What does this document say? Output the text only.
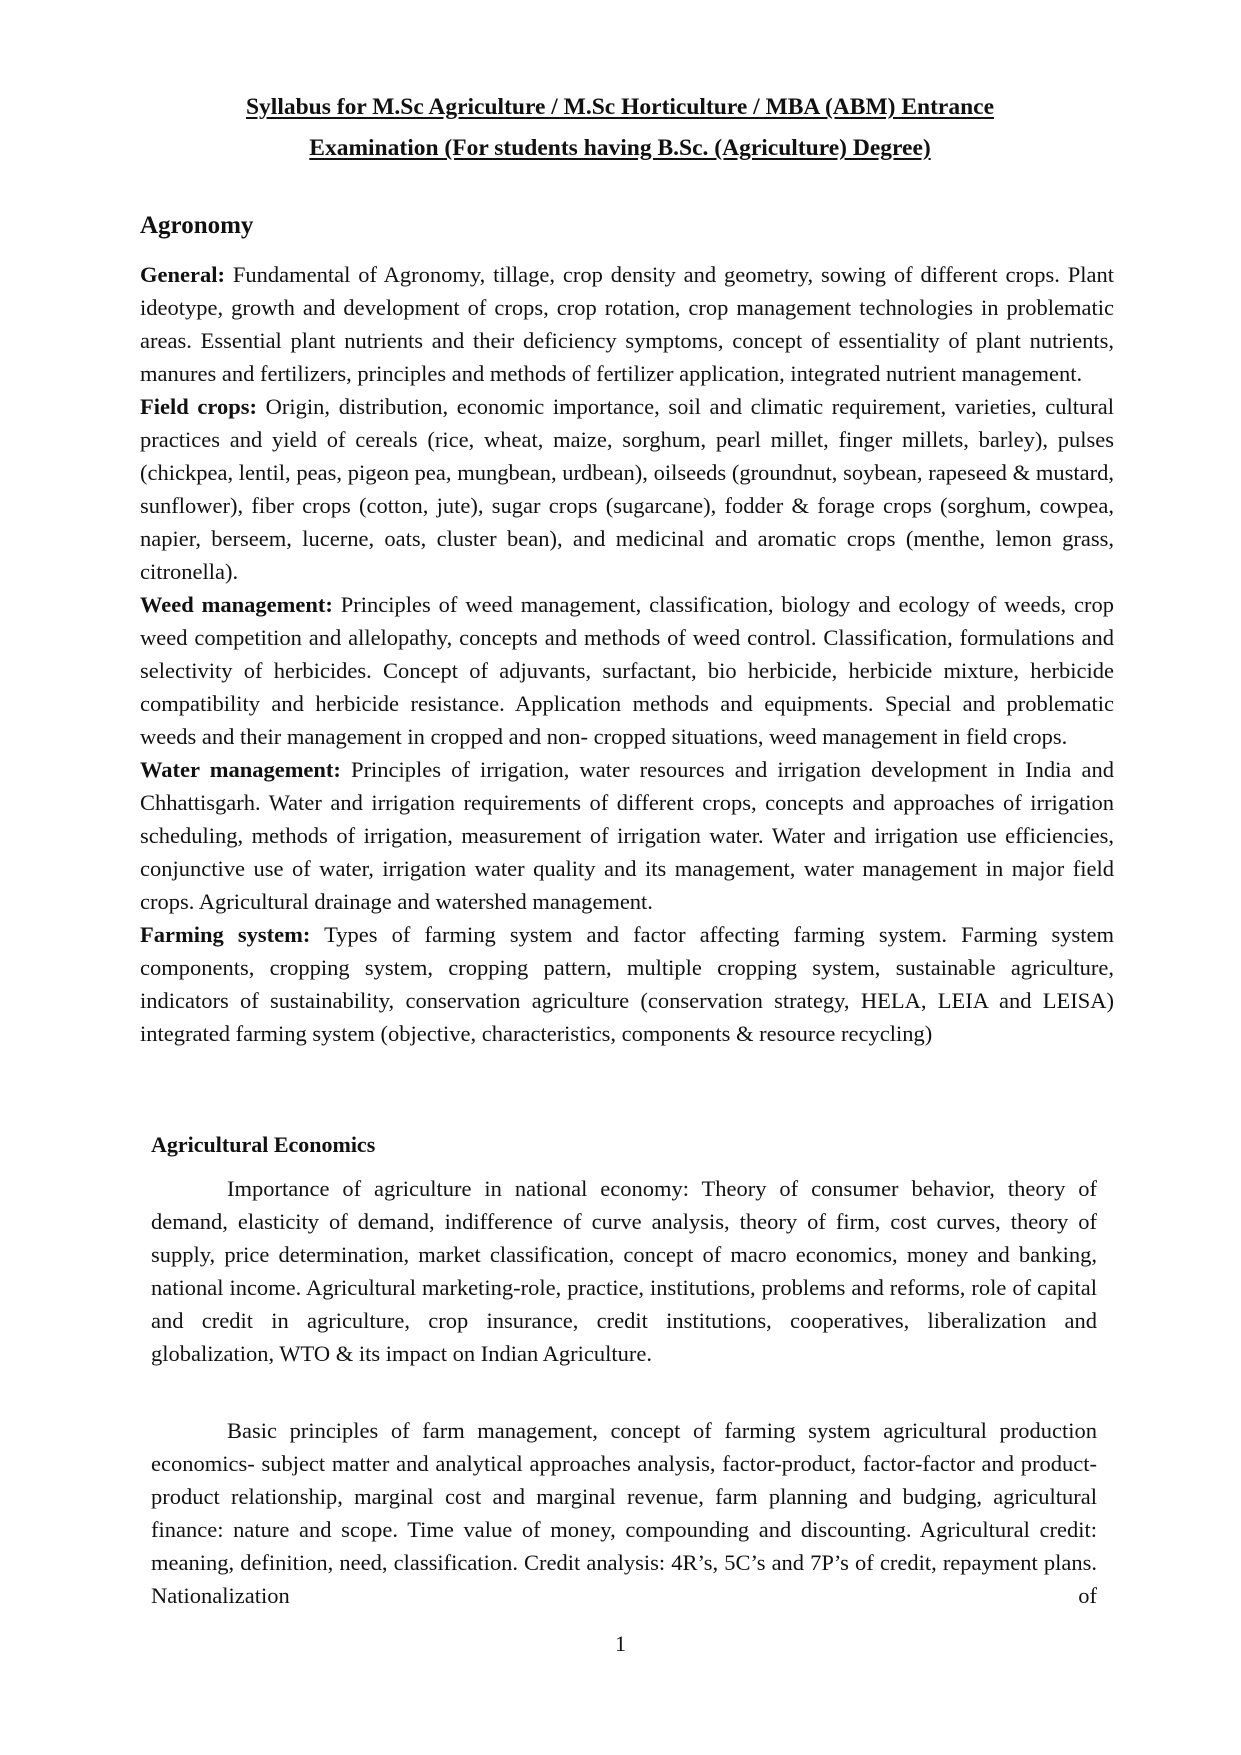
Syllabus for M.Sc Agriculture / M.Sc Horticulture / MBA (ABM) Entrance
Examination (For students having B.Sc. (Agriculture) Degree)
Agronomy

General: Fundamental of Agronomy, tillage, crop density and geometry, sowing of different crops. Plant ideotype, growth and development of crops, crop rotation, crop management technologies in problematic areas. Essential plant nutrients and their deficiency symptoms, concept of essentiality of plant nutrients, manures and fertilizers, principles and methods of fertilizer application, integrated nutrient management.

Field crops: Origin, distribution, economic importance, soil and climatic requirement, varieties, cultural practices and yield of cereals (rice, wheat, maize, sorghum, pearl millet, finger millets, barley), pulses (chickpea, lentil, peas, pigeon pea, mungbean, urdbean), oilseeds (groundnut, soybean, rapeseed & mustard, sunflower), fiber crops (cotton, jute), sugar crops (sugarcane), fodder & forage crops (sorghum, cowpea, napier, berseem, lucerne, oats, cluster bean), and medicinal and aromatic crops (menthe, lemon grass, citronella).

Weed management: Principles of weed management, classification, biology and ecology of weeds, crop weed competition and allelopathy, concepts and methods of weed control. Classification, formulations and selectivity of herbicides. Concept of adjuvants, surfactant, bio herbicide, herbicide mixture, herbicide compatibility and herbicide resistance. Application methods and equipments. Special and problematic weeds and their management in cropped and non- cropped situations, weed management in field crops.

Water management: Principles of irrigation, water resources and irrigation development in India and Chhattisgarh. Water and irrigation requirements of different crops, concepts and approaches of irrigation scheduling, methods of irrigation, measurement of irrigation water. Water and irrigation use efficiencies, conjunctive use of water, irrigation water quality and its management, water management in major field crops. Agricultural drainage and watershed management.

Farming system: Types of farming system and factor affecting farming system. Farming system components, cropping system, cropping pattern, multiple cropping system, sustainable agriculture, indicators of sustainability, conservation agriculture (conservation strategy, HELA, LEIA and LEISA) integrated farming system (objective, characteristics, components & resource recycling)

Agricultural Economics

Importance of agriculture in national economy: Theory of consumer behavior, theory of demand, elasticity of demand, indifference of curve analysis, theory of firm, cost curves, theory of supply, price determination, market classification, concept of macro economics, money and banking, national income. Agricultural marketing-role, practice, institutions, problems and reforms, role of capital and credit in agriculture, crop insurance, credit institutions, cooperatives, liberalization and globalization, WTO & its impact on Indian Agriculture.

Basic principles of farm management, concept of farming system agricultural production economics- subject matter and analytical approaches analysis, factor-product, factor-factor and product-product relationship, marginal cost and marginal revenue, farm planning and budging, agricultural finance: nature and scope. Time value of money, compounding and discounting. Agricultural credit: meaning, definition, need, classification. Credit analysis: 4R’s, 5C’s and 7P’s of credit, repayment plans. Nationalization of

1
